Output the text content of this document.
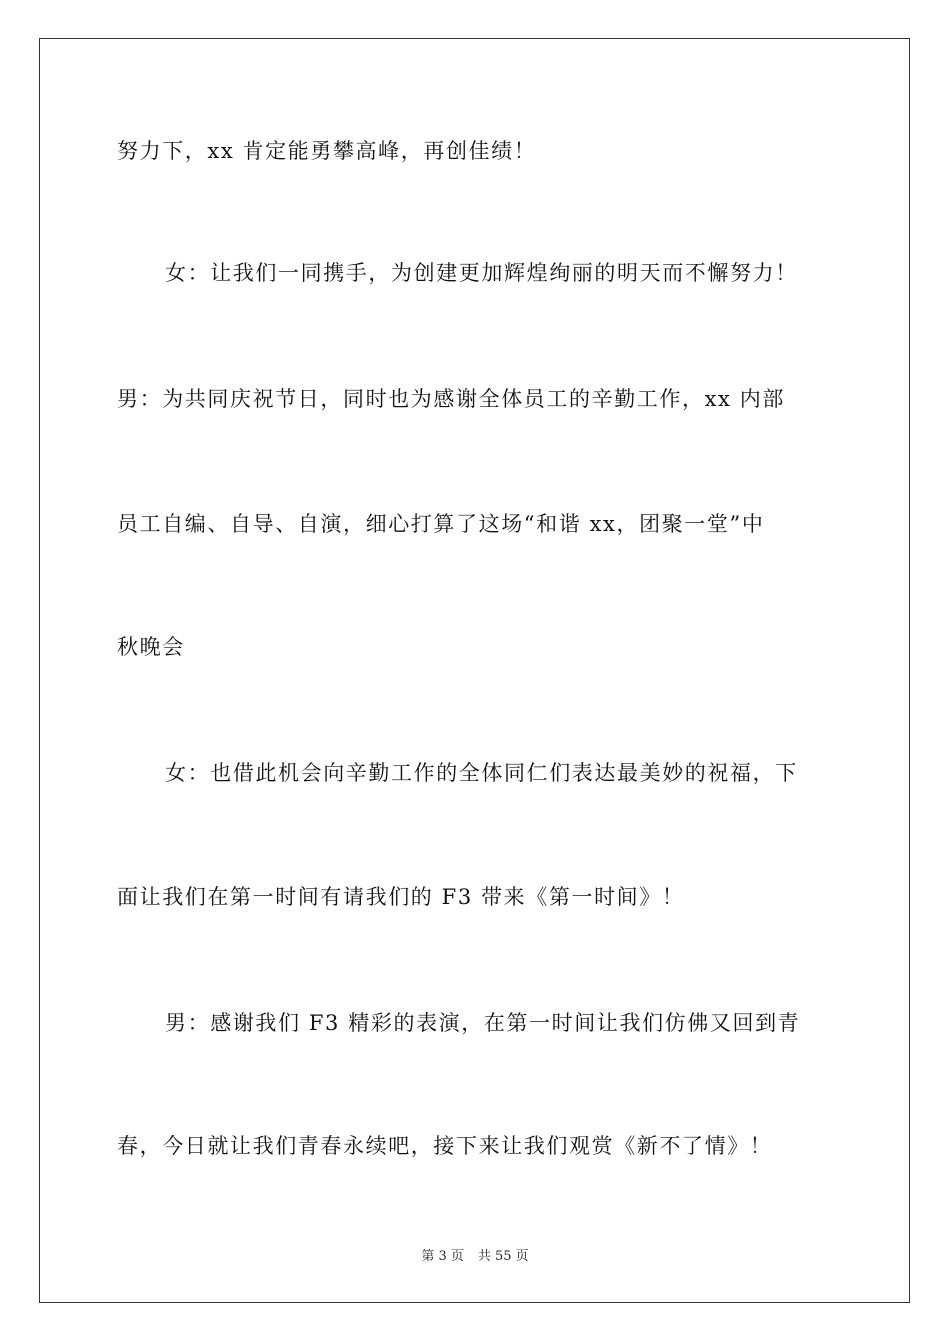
努力下，xx 肯定能勇攀高峰，再创佳绩！
女：让我们一同携手，为创建更加辉煌绚丽的明天而不懈努力！
男：为共同庆祝节日，同时也为感谢全体员工的辛勤工作，xx 内部
员工自编、自导、自演，细心打算了这场“和谐 xx，团聚一堂”中
秋晚会
女：也借此机会向辛勤工作的全体同仁们表达最美妙的祝福，下
面让我们在第一时间有请我们的 F3 带来《第一时间》！
男：感谢我们 F3 精彩的表演，在第一时间让我们仿佛又回到青
春，今日就让我们青春永续吧，接下来让我们观赏《新不了情》！
第 3 页 共 55 页
